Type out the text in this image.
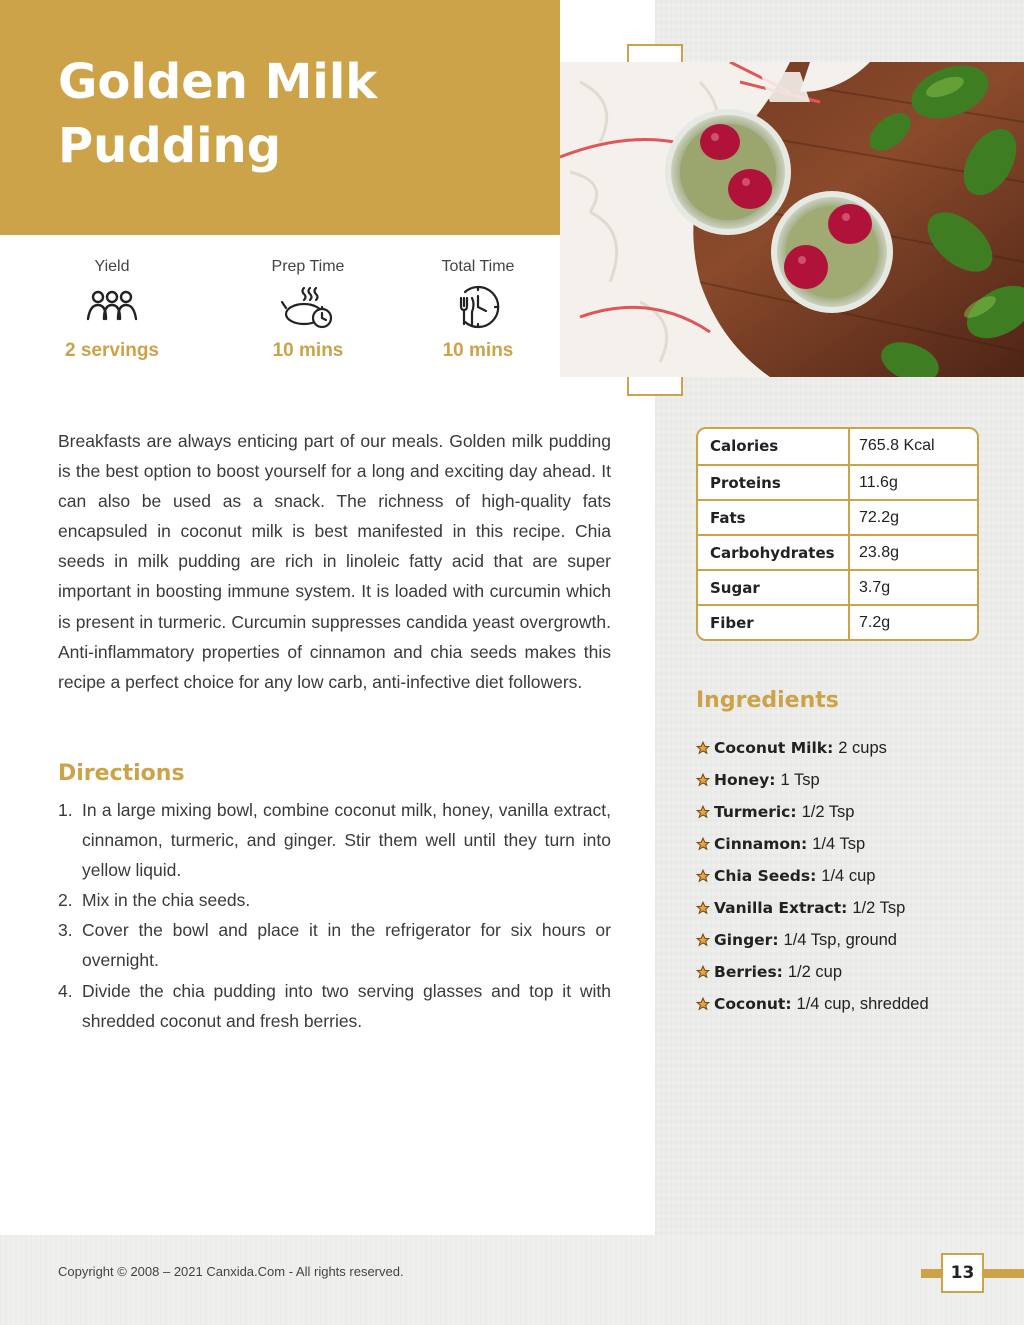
Golden Milk
Pudding
Yield
2 servings
Prep Time
10 mins
Total Time
10 mins

Breakfasts are always enticing part of our meals. Golden milk pudding is the best option to boost yourself for a long and exciting day ahead. It can also be used as a snack. The richness of high-quality fats encapsuled in coconut milk is best manifested in this recipe. Chia seeds in milk pudding are rich in linoleic fatty acid that are super important in boosting immune system. It is loaded with curcumin which is present in turmeric. Curcumin suppresses candida yeast overgrowth. Anti-inflammatory properties of cinnamon and chia seeds makes this recipe a perfect choice for any low carb, anti-infective diet followers.

Directions
1. In a large mixing bowl, combine coconut milk, honey, vanilla extract, cinnamon, turmeric, and ginger. Stir them well until they turn into yellow liquid.
2. Mix in the chia seeds.
3. Cover the bowl and place it in the refrigerator for six hours or overnight.
4. Divide the chia pudding into two serving glasses and top it with shredded coconut and fresh berries.
Calories	765.8 Kcal
Proteins	11.6g
Fats	72.2g
Carbohydrates	23.8g
Sugar	3.7g
Fiber	7.2g
Ingredients
Coconut Milk: 2 cups
Honey: 1 Tsp
Turmeric: 1/2 Tsp
Cinnamon: 1/4 Tsp
Chia Seeds: 1/4 cup
Vanilla Extract: 1/2 Tsp
Ginger: 1/4 Tsp, ground
Berries: 1/2 cup
Coconut: 1/4 cup, shredded
Copyright © 2008 – 2021 Canxida.Com - All rights reserved.	13
